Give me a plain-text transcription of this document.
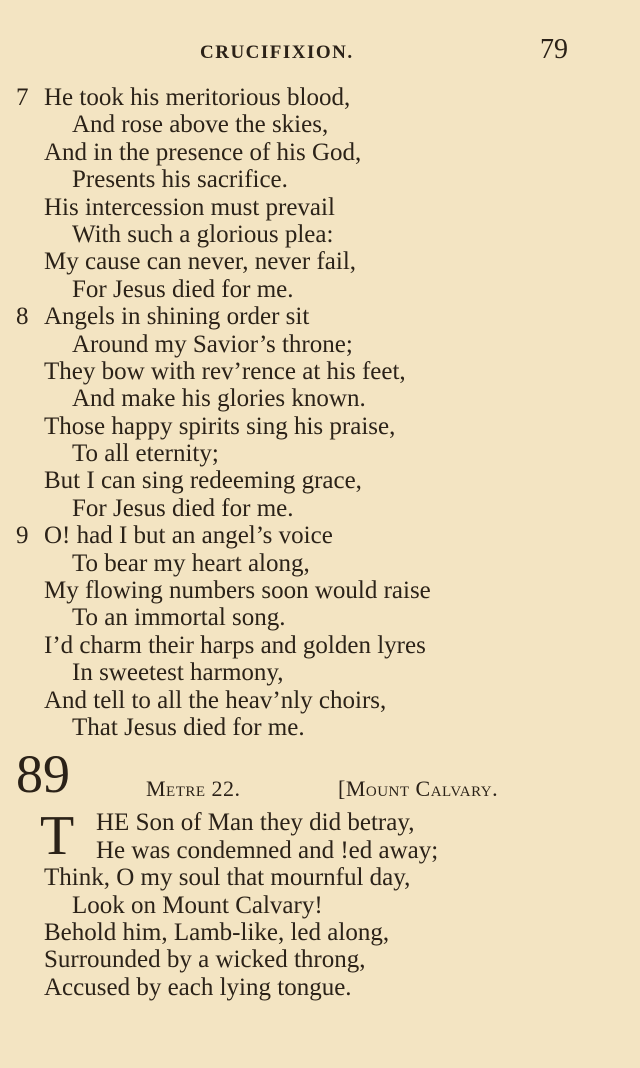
CRUCIFIXION.	79
7 He took his meritorious blood,
And rose above the skies,
And in the presence of his God,
Presents his sacrifice.
His intercession must prevail
With such a glorious plea:
My cause can never, never fail,
For Jesus died for me.
8 Angels in shining order sit
Around my Savior’s throne;
They bow with rev’rence at his feet,
And make his glories known.
Those happy spirits sing his praise,
To all eternity;
But I can sing redeeming grace,
For Jesus died for me.
9 O! had I but an angel’s voice
To bear my heart along,
My flowing numbers soon would raise
To an immortal song.
I’d charm their harps and golden lyres
In sweetest harmony,
And tell to all the heav’nly choirs,
That Jesus died for me.
89	Metre 22.	[Mount Calvary.
T HE Son of Man they did betray,
He was condemned and !ed away;
Think, O my soul that mournful day,
Look on Mount Calvary!
Behold him, Lamb-like, led along,
Surrounded by a wicked throng,
Accused by each lying tongue.
